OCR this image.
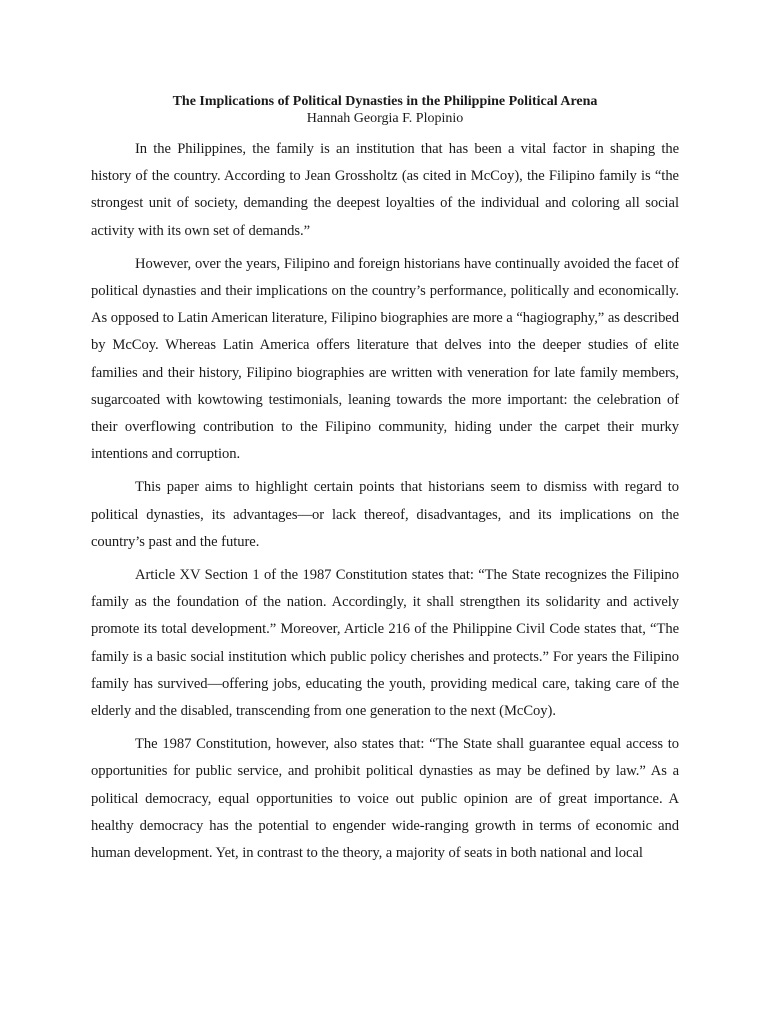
The Implications of Political Dynasties in the Philippine Political Arena

Hannah Georgia F. Plopinio

In the Philippines, the family is an institution that has been a vital factor in shaping the history of the country. According to Jean Grossholtz (as cited in McCoy), the Filipino family is “the strongest unit of society, demanding the deepest loyalties of the individual and coloring all social activity with its own set of demands.”

However, over the years, Filipino and foreign historians have continually avoided the facet of political dynasties and their implications on the country’s performance, politically and economically. As opposed to Latin American literature, Filipino biographies are more a “hagiography,” as described by McCoy. Whereas Latin America offers literature that delves into the deeper studies of elite families and their history, Filipino biographies are written with veneration for late family members, sugarcoated with kowtowing testimonials, leaning towards the more important: the celebration of their overflowing contribution to the Filipino community, hiding under the carpet their murky intentions and corruption.

This paper aims to highlight certain points that historians seem to dismiss with regard to political dynasties, its advantages—or lack thereof, disadvantages, and its implications on the country’s past and the future.

Article XV Section 1 of the 1987 Constitution states that: “The State recognizes the Filipino family as the foundation of the nation. Accordingly, it shall strengthen its solidarity and actively promote its total development.” Moreover, Article 216 of the Philippine Civil Code states that, “The family is a basic social institution which public policy cherishes and protects.” For years the Filipino family has survived—offering jobs, educating the youth, providing medical care, taking care of the elderly and the disabled, transcending from one generation to the next (McCoy).

The 1987 Constitution, however, also states that: “The State shall guarantee equal access to opportunities for public service, and prohibit political dynasties as may be defined by law.” As a political democracy, equal opportunities to voice out public opinion are of great importance. A healthy democracy has the potential to engender wide-ranging growth in terms of economic and human development. Yet, in contrast to the theory, a majority of seats in both national and local
